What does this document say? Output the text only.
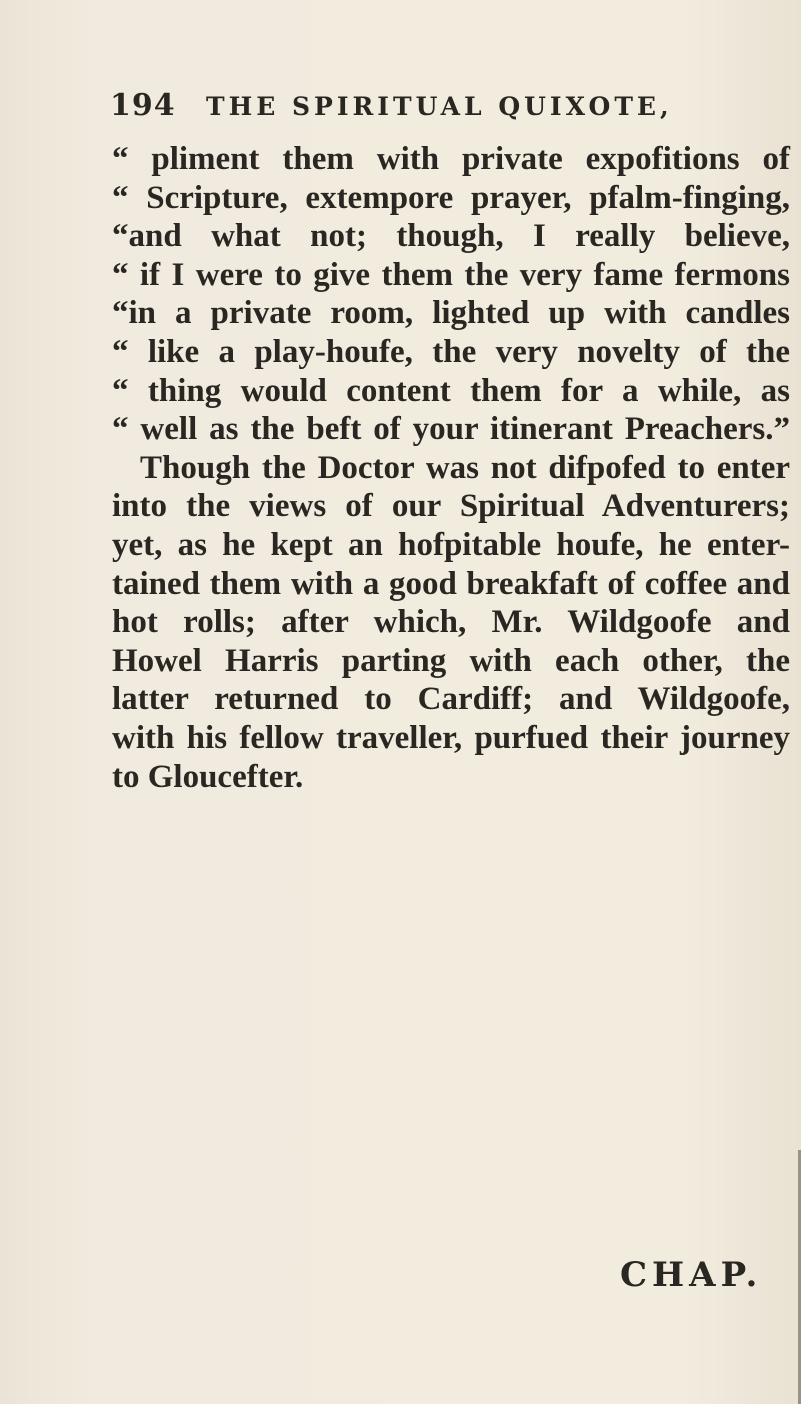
194 THE SPIRITUAL QUIXOTE,
“ pliment them with private expofitions of
“ Scripture, extempore prayer, pfalm-finging,
“and what not; though, I really believe,
“ if I were to give them the very fame fermons
“in a private room, lighted up with candles
“ like a play-houfe, the very novelty of the
“ thing would content them for a while, as
“ well as the beft of your itinerant Preachers.”
Though the Doctor was not difpofed to enter
into the views of our Spiritual Adventurers;
yet, as he kept an hofpitable houfe, he enter-
tained them with a good breakfaft of coffee and
hot rolls; after which, Mr. Wildgoofe and
Howel Harris parting with each other, the
latter returned to Cardiff; and Wildgoofe,
with his fellow traveller, purfued their journey
to Gloucefter.
CHAP.
